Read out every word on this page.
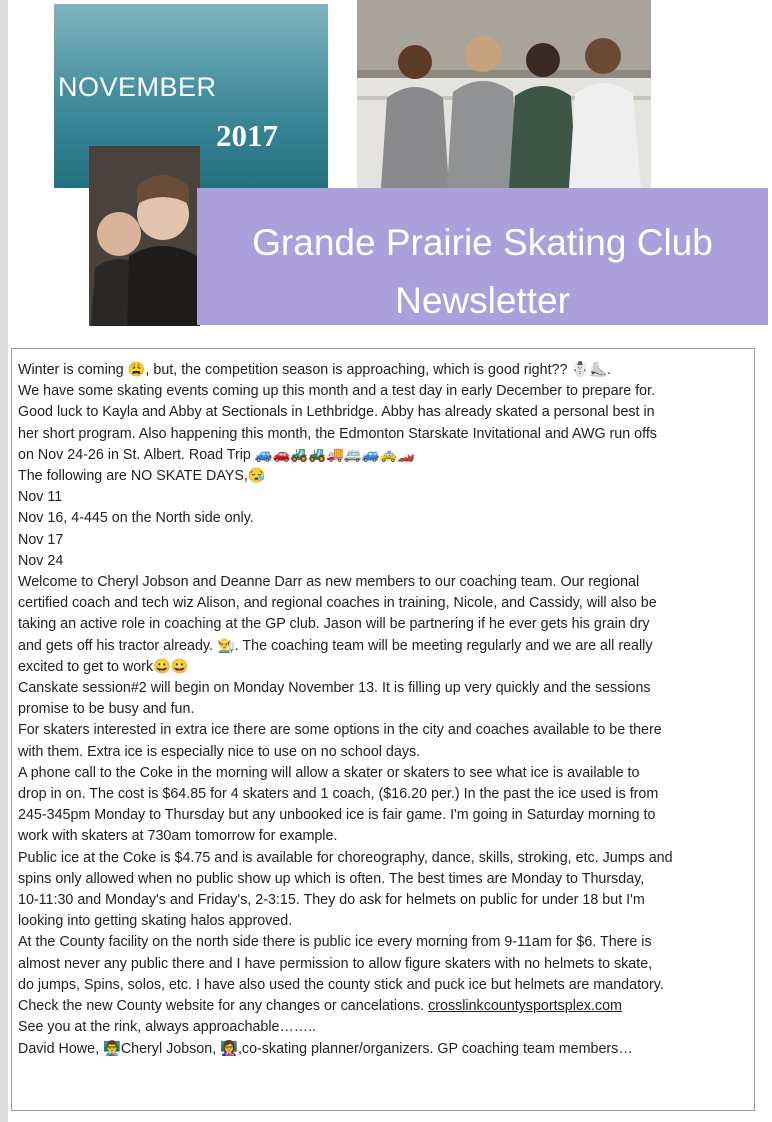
NOVEMBER
2017
Grande Prairie Skating Club
Newsletter

Winter is coming 😩, but, the competition season is approaching, which is good right?? ☃️⛸️.

We have some skating events coming up this month and a test day in early December to prepare for.

Good luck to Kayla and Abby at Sectionals in Lethbridge. Abby has already skated a personal best in

her short program. Also happening this month, the Edmonton Starskate Invitational and AWG run offs

on Nov 24-26 in St. Albert. Road Trip 🚙🚗🚜🚜🚚🚐🚙🚕🏎️

The following are NO SKATE DAYS,😪

Nov 11

Nov 16, 4-445 on the North side only.

Nov 17

Nov 24

Welcome to Cheryl Jobson and Deanne Darr as new members to our coaching team. Our regional

certified coach and tech wiz Alison, and regional coaches in training, Nicole, and Cassidy, will also be

taking an active role in coaching at the GP club. Jason will be partnering if he ever gets his grain dry

and gets off his tractor already. 👨‍🌾. The coaching team will be meeting regularly and we are all really

excited to get to work😀😀

Canskate session#2 will begin on Monday November 13. It is filling up very quickly and the sessions

promise to be busy and fun.

For skaters interested in extra ice there are some options in the city and coaches available to be there

with them. Extra ice is especially nice to use on no school days.

A phone call to the Coke in the morning will allow a skater or skaters to see what ice is available to

drop in on. The cost is $64.85 for 4 skaters and 1 coach, ($16.20 per.) In the past the ice used is from

245-345pm Monday to Thursday but any unbooked ice is fair game. I'm going in Saturday morning to

work with skaters at 730am tomorrow for example.

Public ice at the Coke is $4.75 and is available for choreography, dance, skills, stroking, etc. Jumps and

spins only allowed when no public show up which is often. The best times are Monday to Thursday,

10-11:30 and Monday's and Friday's, 2-3:15. They do ask for helmets on public for under 18 but I'm

looking into getting skating halos approved.

At the County facility on the north side there is public ice every morning from 9-11am for $6. There is

almost never any public there and I have permission to allow figure skaters with no helmets to skate,

do jumps, Spins, solos, etc. I have also used the county stick and puck ice but helmets are mandatory.

Check the new County website for any changes or cancelations. crosslinkcountysportsplex.com

See you at the rink, always approachable……..

David Howe, 👨‍🏫Cheryl Jobson, 👩‍🏫,co-skating planner/organizers. GP coaching team members…
